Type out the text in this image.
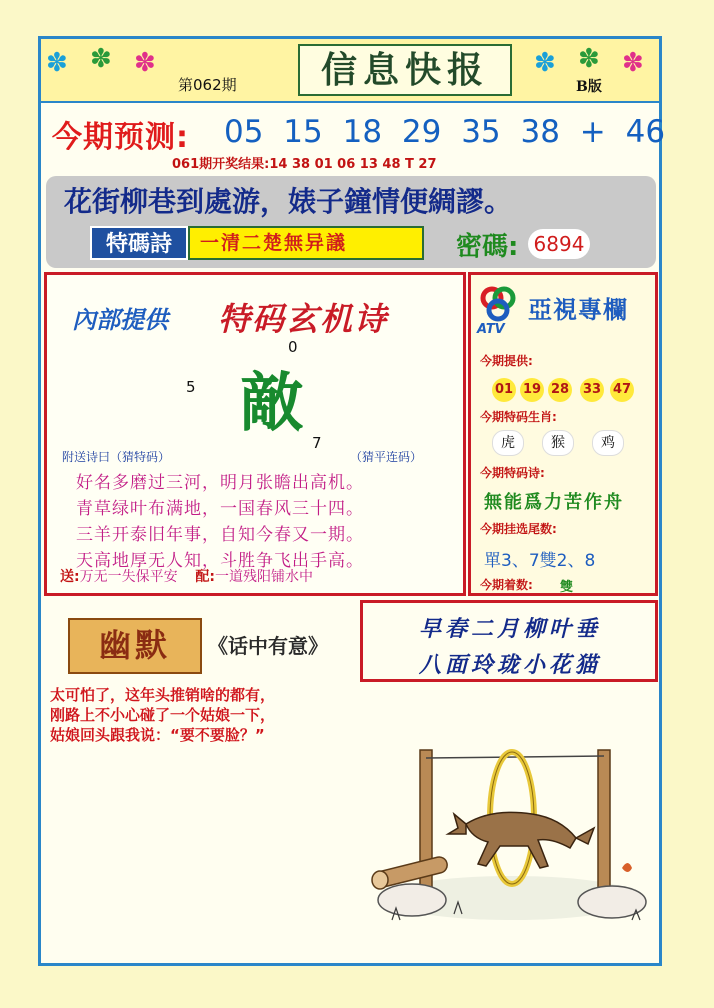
✽ ✽ ✽	✽ ✽ ✽
第062期	信息快报	B版
今期预测: 05 15 18 29 35 38 + 46
061期开奖结果:14 38 01 06 13 48 T 27
花街柳巷到處游，婊子鐘情便綢謬。
特碼詩	一清二楚無异議	密碼: 6894
內部提供 特码玄机诗
0
5
7
敵
附送诗曰（猜特码）	（猜平连码）
好名多磨过三河，明月张瞻出高机。
青草绿叶布满地，一国春风三十四。
三羊开泰旧年事，自知今春又一期。
天高地厚无人知，斗胜争飞出手高。
送:万无一失保平安 配:一道残阳铺水中
ATV
亞視專欄
今期提供:
01 19 28 33 47
今期特码生肖:
虎	猴	鸡
今期特码诗:
無能爲力苦作舟
今期挂选尾数:
單3、7雙2、8
今期着数: 雙
幽默	《话中有意》
太可怕了，这年头推销啥的都有，
刚路上不小心碰了一个姑娘一下，
姑娘回头跟我说：“要不要脸？”
早春二月柳叶垂
八面玲珑小花猫
